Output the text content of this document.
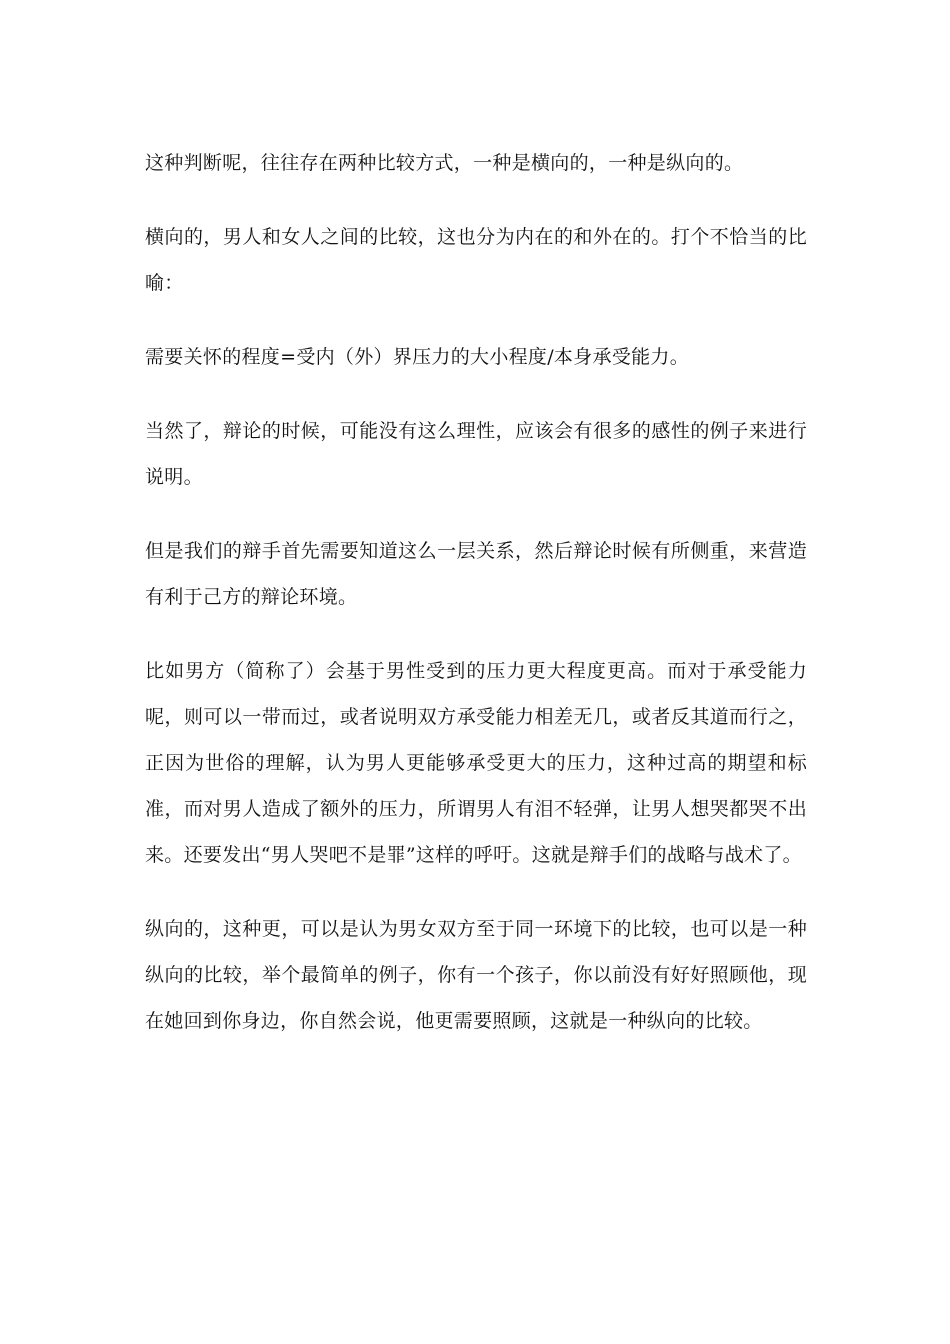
这种判断呢，往往存在两种比较方式，一种是横向的，一种是纵向的。

横向的，男人和女人之间的比较，这也分为内在的和外在的。打个不恰当的比喻：

需要关怀的程度=受内（外）界压力的大小程度/本身承受能力。

当然了，辩论的时候，可能没有这么理性，应该会有很多的感性的例子来进行说明。

但是我们的辩手首先需要知道这么一层关系，然后辩论时候有所侧重，来营造有利于己方的辩论环境。

比如男方（简称了）会基于男性受到的压力更大程度更高。而对于承受能力呢，则可以一带而过，或者说明双方承受能力相差无几，或者反其道而行之，正因为世俗的理解，认为男人更能够承受更大的压力，这种过高的期望和标准，而对男人造成了额外的压力，所谓男人有泪不轻弹，让男人想哭都哭不出来。还要发出“男人哭吧不是罪”这样的呼吁。这就是辩手们的战略与战术了。

纵向的，这种更，可以是认为男女双方至于同一环境下的比较，也可以是一种纵向的比较，举个最简单的例子，你有一个孩子，你以前没有好好照顾他，现在她回到你身边，你自然会说，他更需要照顾，这就是一种纵向的比较。
